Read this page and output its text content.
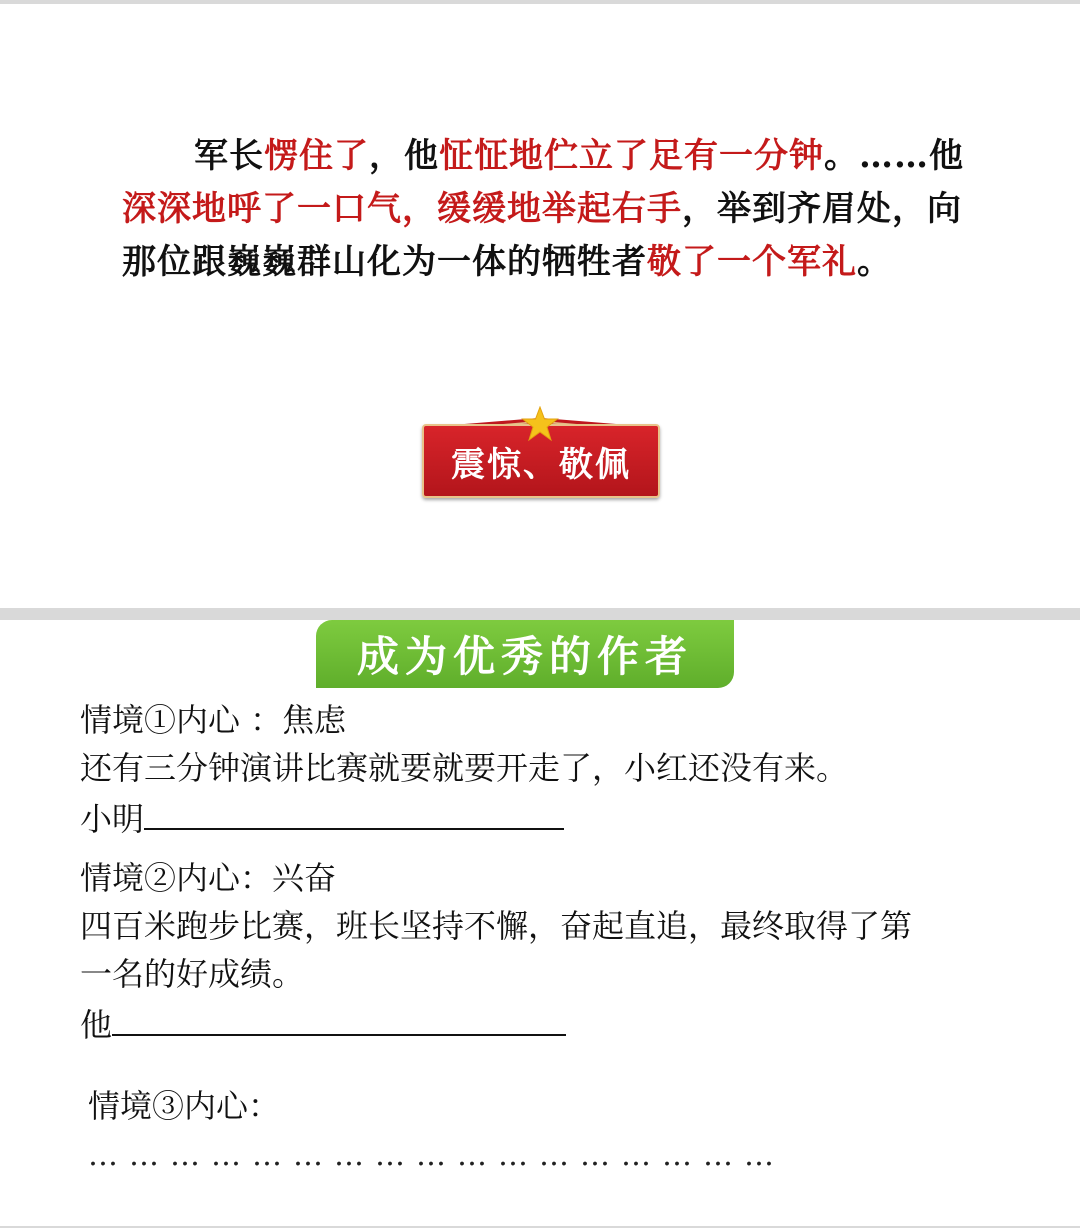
军长愣住了，他怔怔地伫立了足有一分钟。……他
深深地呼了一口气，缓缓地举起右手，举到齐眉处，向
那位跟巍巍群山化为一体的牺牲者敬了一个军礼。

震惊、敬佩
成为优秀的作者
情境①内心 ：焦虑
还有三分钟演讲比赛就要就要开走了，小红还没有来。
小明
情境②内心：兴奋
四百米跑步比赛，班长坚持不懈，奋起直追，最终取得了第
一名的好成绩。
他
情境③内心：
……………………………………………
